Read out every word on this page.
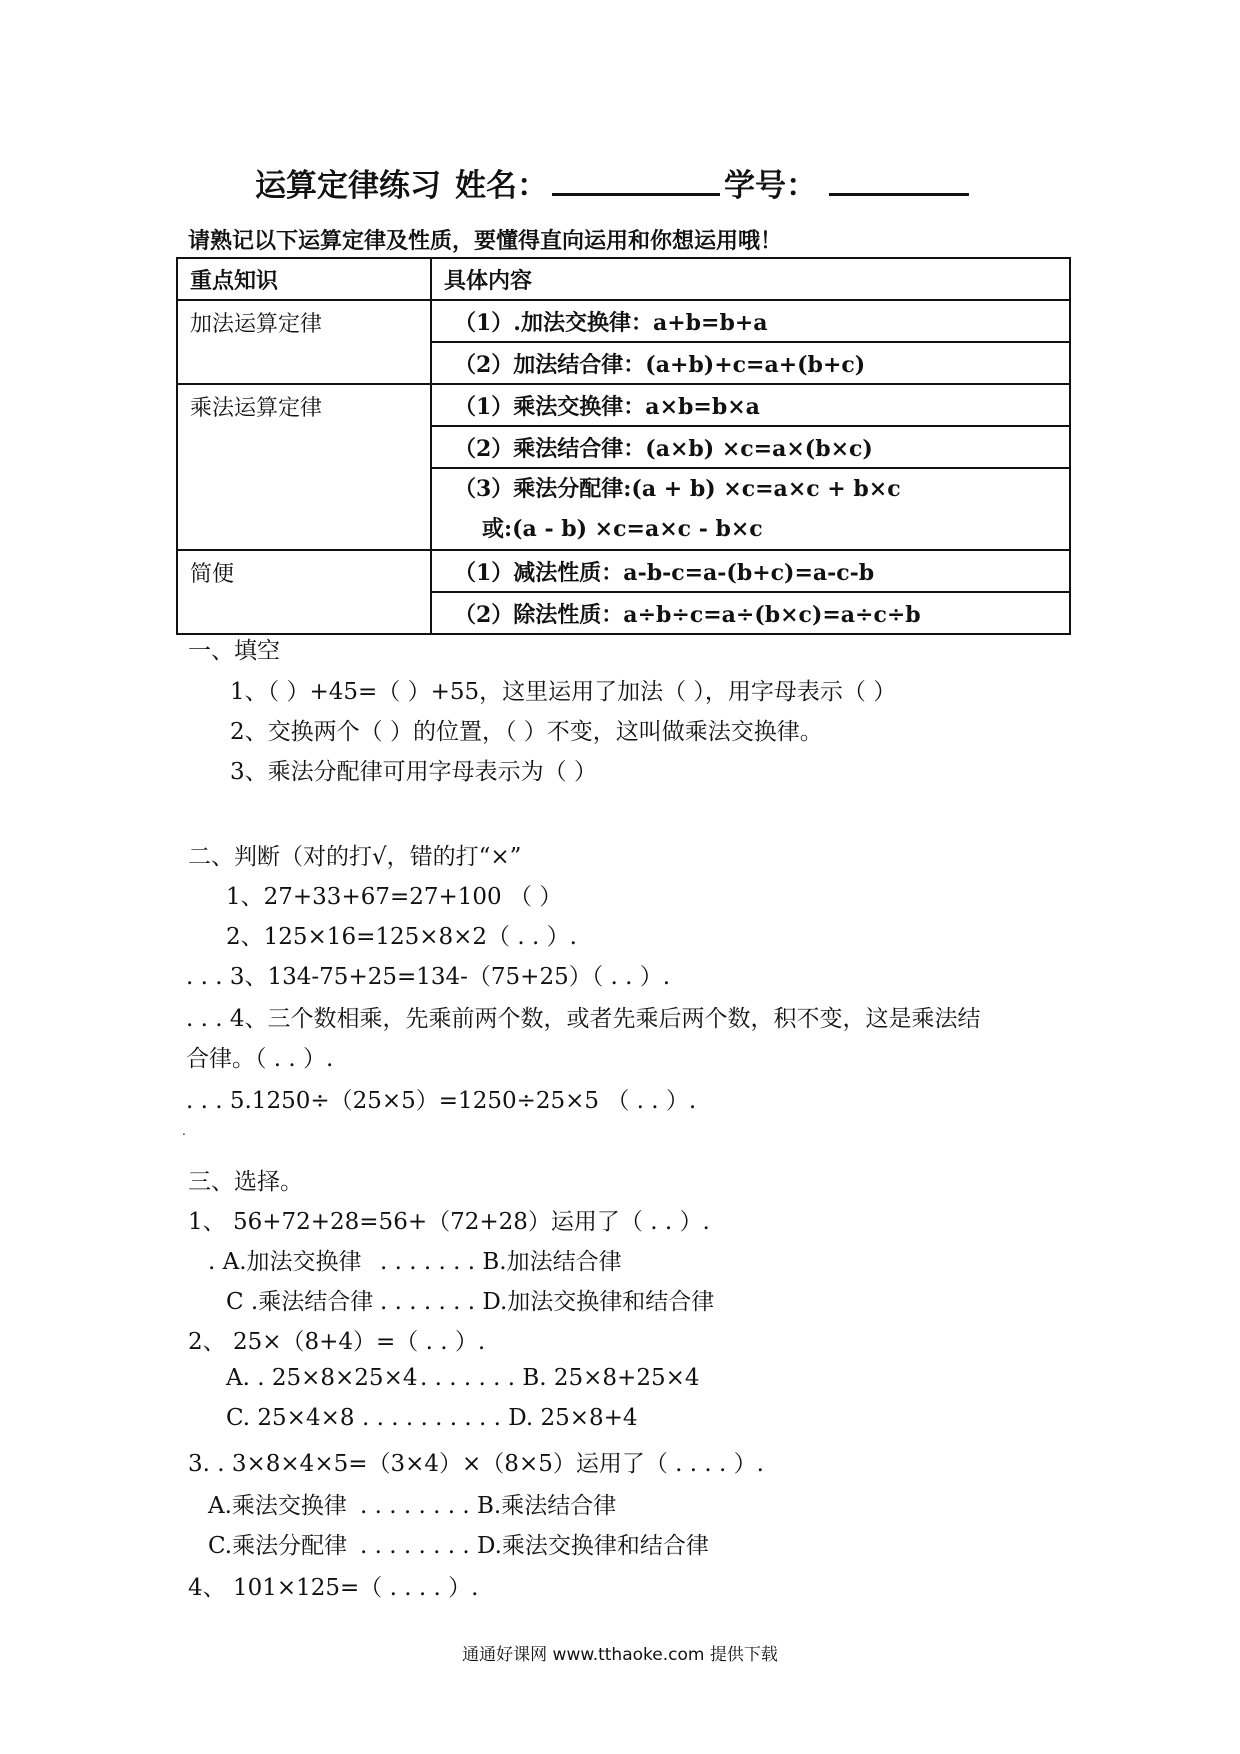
运算定律练习 姓名：	学号：
请熟记以下运算定律及性质，要懂得直向运用和你想运用哦！
重点知识	具体内容
加法运算定律	（1）.加法交换律：a+b=b+a
	（2）加法结合律：(a+b)+c=a+(b+c)
乘法运算定律	（1）乘法交换律：a×b=b×a
	（2）乘法结合律：(a×b) ×c=a×(b×c)

	（3）乘法分配律:(a + b) ×c=a×c + b×c
或:(a - b) ×c=a×c - b×c

简便	（1）减法性质：a-b-c=a-(b+c)=a-c-b
	（2）除法性质：a÷b÷c=a÷(b×c)=a÷c÷b
一、填空
1、（ ）+45=（ ）+55，这里运用了加法（ ），用字母表示（ ）
2、交换两个（ ）的位置，（ ）不变，这叫做乘法交换律。
3、乘法分配律可用字母表示为（ ）
二、判断（对的打√，错的打“×”
1、27+33+67=27+100 （ ）
2、125×16=125×8×2（ . . ）.
. . . 3、134-75+25=134-（75+25）（ . . ）.
. . . 4、三个数相乘，先乘前两个数，或者先乘后两个数，积不变，这是乘法结
合律。（ . . ）.
. . . 5.1250÷（25×5）=1250÷25×5 （ . . ）.
.
三、选择。
1、 56+72+28=56+（72+28）运用了（ . . ）.
. A.加法交换律 . . . . . . . B.加法结合律
C .乘法结合律 . . . . . . . D.加法交换律和结合律
2、 25×（8+4）=（ . . ）.
A. . 25×8×25×4 . . . . . . . B. 25×8+25×4
C. 25×4×8 . . . . . . . . . . D. 25×8+4
3. . 3×8×4×5=（3×4）×（8×5）运用了（ . . . . ）.
A.乘法交换律 . . . . . . . . B.乘法结合律
C.乘法分配律 . . . . . . . . D.乘法交换律和结合律
4、 101×125=（ . . . . ）.
通通好课网 www.tthaoke.com 提供下载
